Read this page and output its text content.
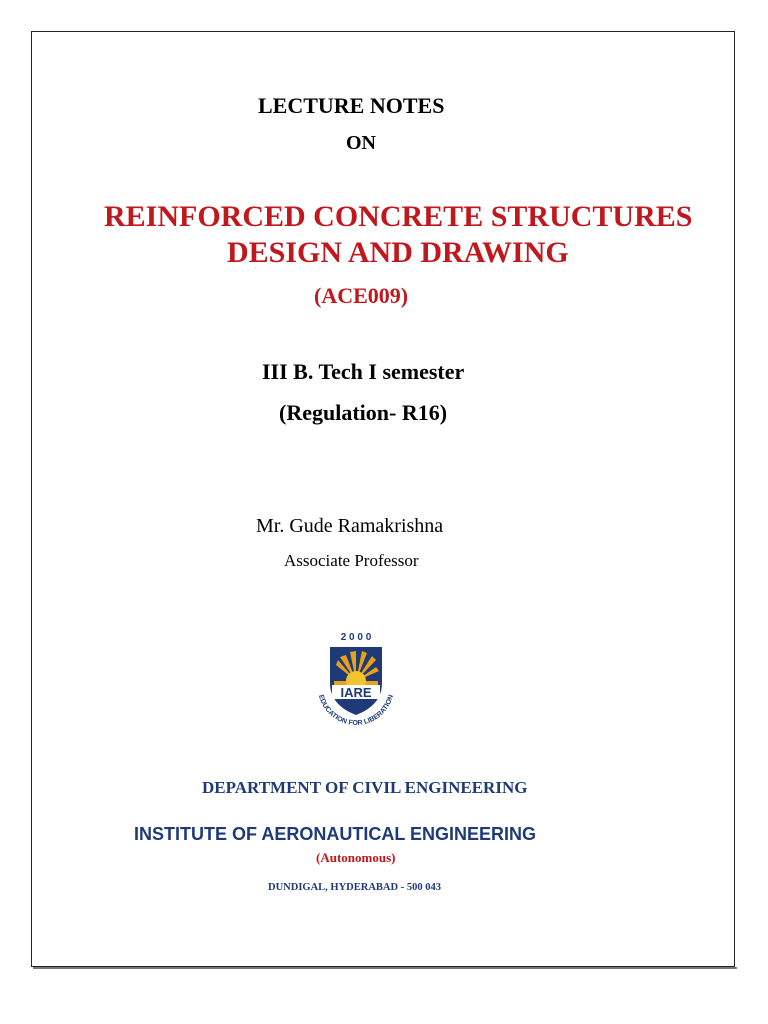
LECTURE NOTES
ON
REINFORCED CONCRETE STRUCTURES
DESIGN AND DRAWING
(ACE009)
III B. Tech I semester
(Regulation- R16)
Mr. Gude Ramakrishna
Associate Professor
2 0 0 0
IARE
EDUCATION FOR LIBERATION
DEPARTMENT OF CIVIL ENGINEERING
INSTITUTE OF AERONAUTICAL ENGINEERING
(Autonomous)
DUNDIGAL, HYDERABAD - 500 043
